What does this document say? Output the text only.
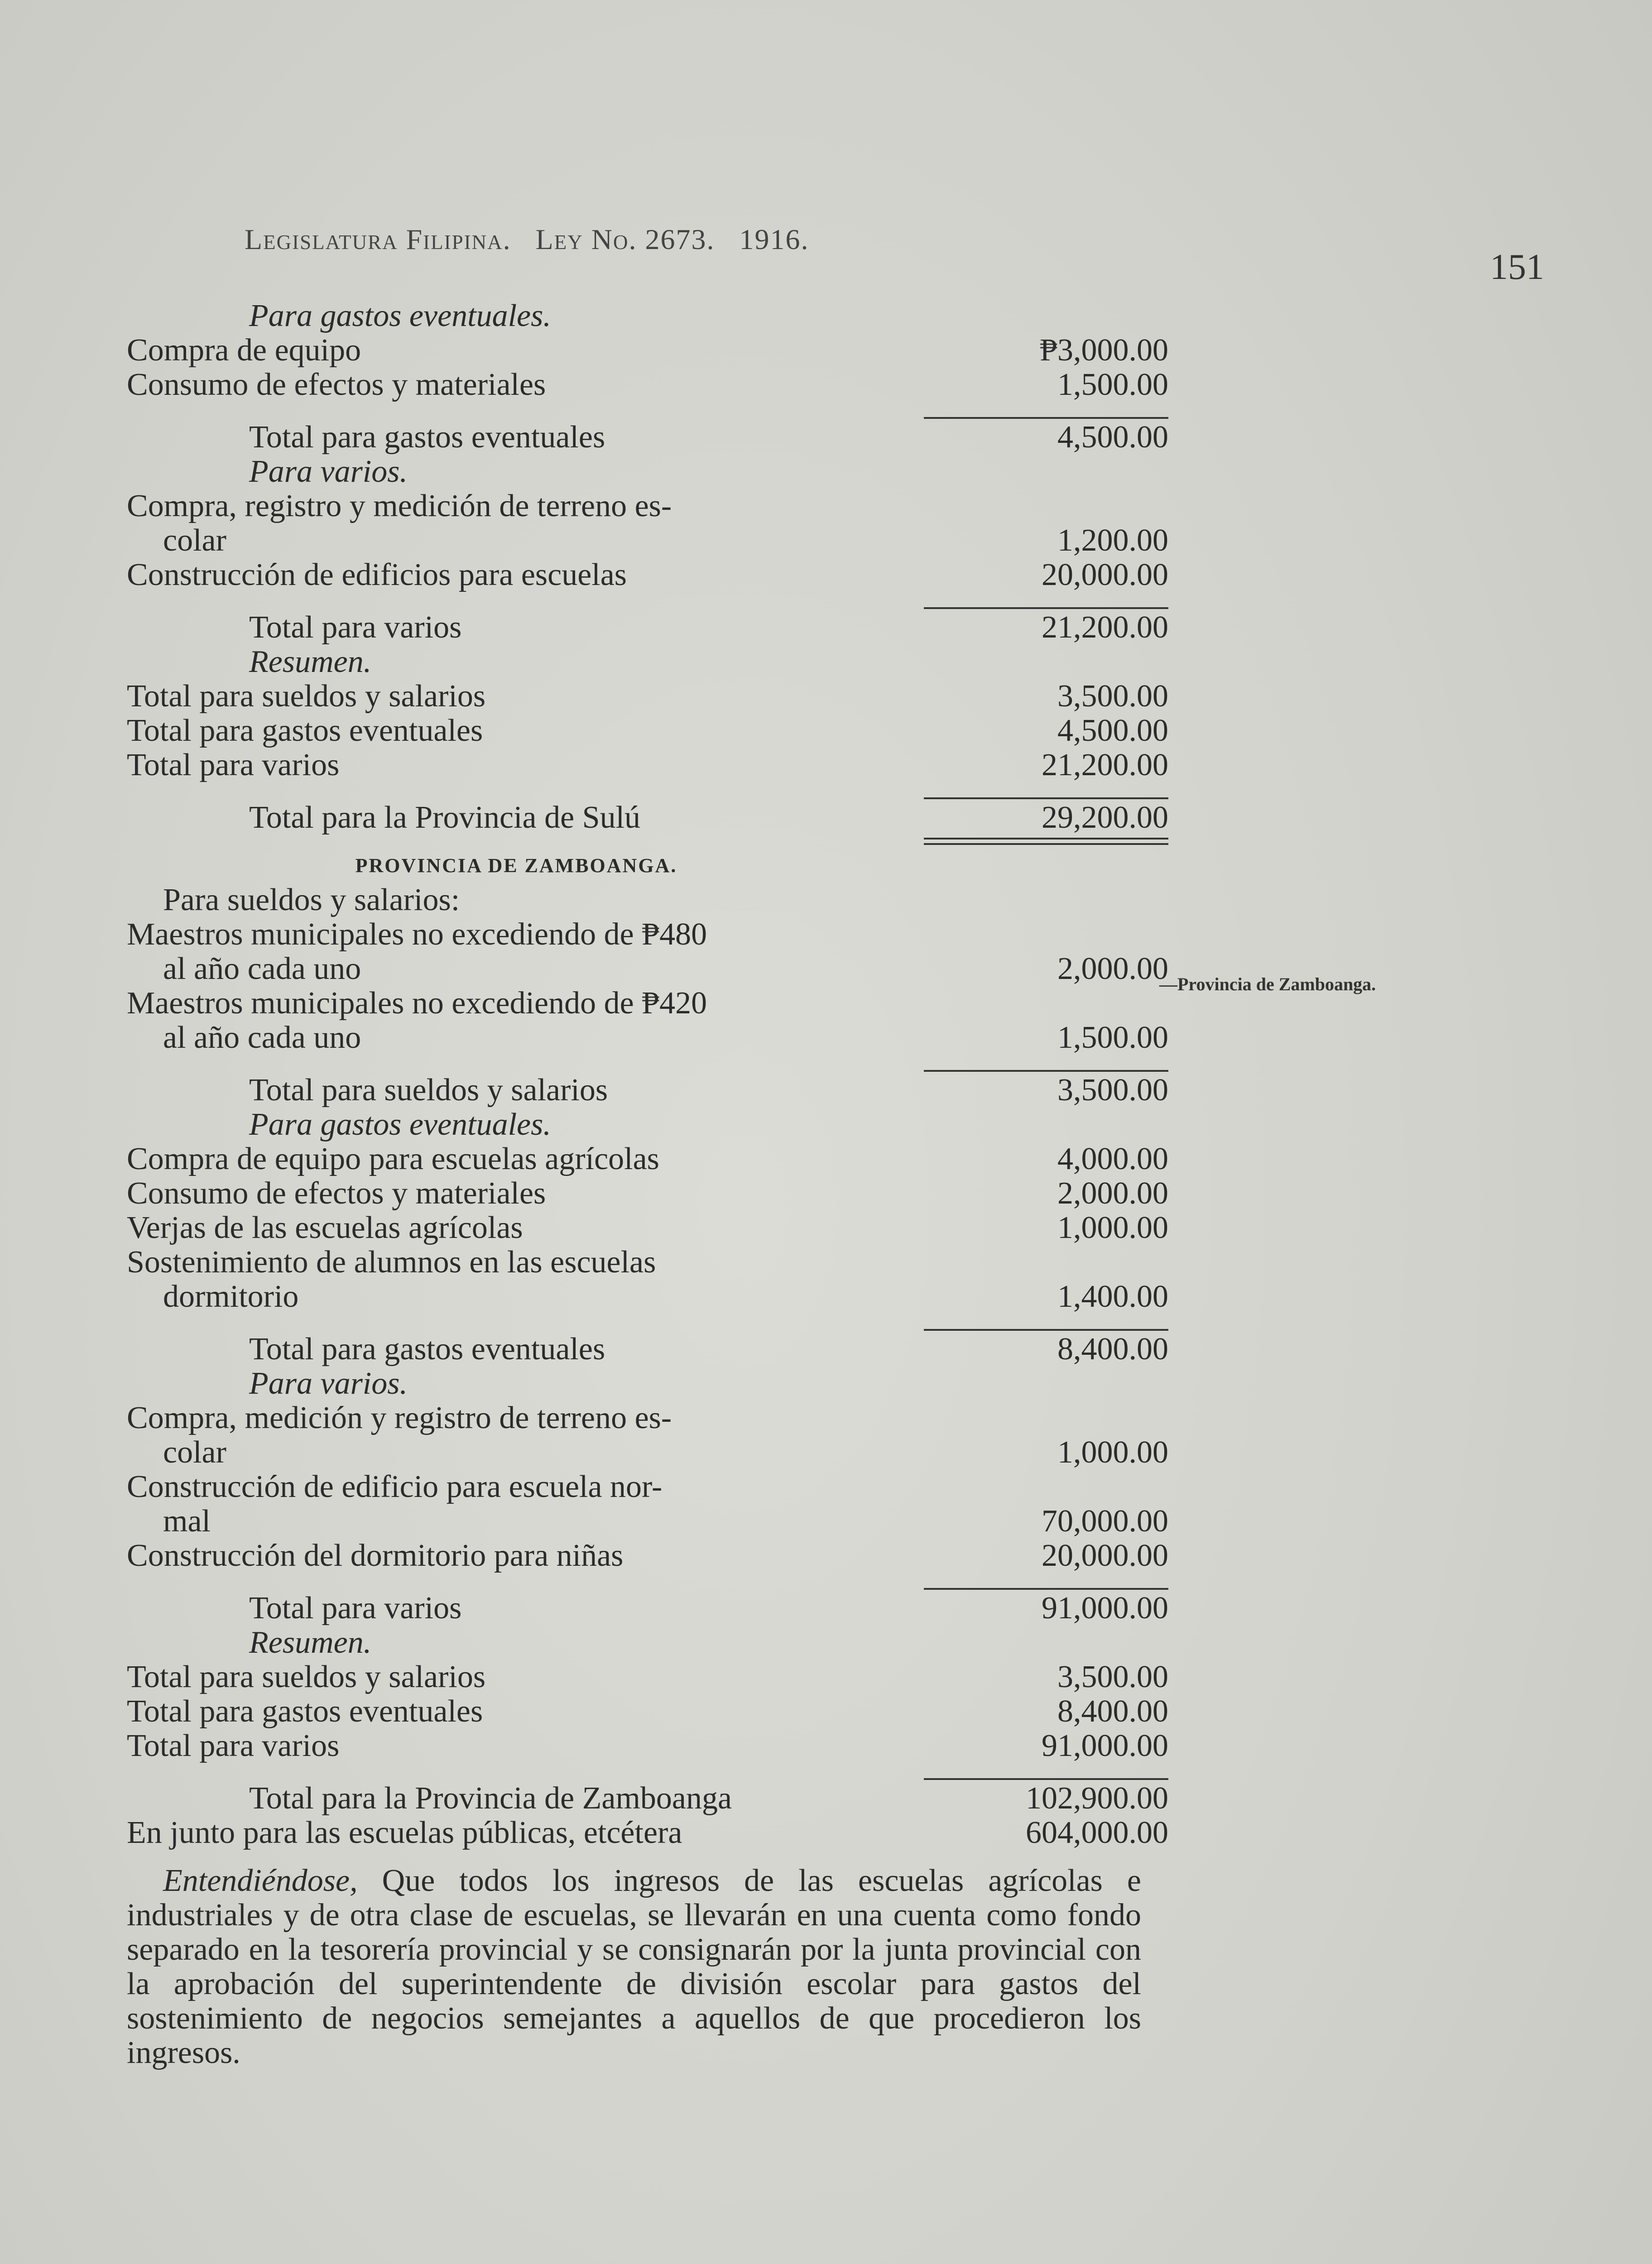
Legislatura Filipina. Ley No. 2673. 1916.
151
—Provincia de Zamboanga.
Para gastos eventuales.
Compra de equipo	₱3,000.00
Consumo de efectos y materiales	1,500.00
Total para gastos eventuales	4,500.00
Para varios.
Compra, registro y medición de terreno es-
colar	1,200.00
Construcción de edificios para escuelas	20,000.00
Total para varios	21,200.00
Resumen.
Total para sueldos y salarios	3,500.00
Total para gastos eventuales	4,500.00
Total para varios	21,200.00
Total para la Provincia de Sulú	29,200.00
PROVINCIA DE ZAMBOANGA.
Para sueldos y salarios:
Maestros municipales no excediendo de ₱480
al año cada uno	2,000.00
Maestros municipales no excediendo de ₱420
al año cada uno	1,500.00
Total para sueldos y salarios	3,500.00
Para gastos eventuales.
Compra de equipo para escuelas agrícolas	4,000.00
Consumo de efectos y materiales	2,000.00
Verjas de las escuelas agrícolas	1,000.00
Sostenimiento de alumnos en las escuelas
dormitorio	1,400.00
Total para gastos eventuales	8,400.00
Para varios.
Compra, medición y registro de terreno es-
colar	1,000.00
Construcción de edificio para escuela nor-
mal	70,000.00
Construcción del dormitorio para niñas	20,000.00
Total para varios	91,000.00
Resumen.
Total para sueldos y salarios	3,500.00
Total para gastos eventuales	8,400.00
Total para varios	91,000.00
Total para la Provincia de Zamboanga	102,900.00
En junto para las escuelas públicas, etcétera	604,000.00
Entendiéndose, Que todos los ingresos de las escuelas agrícolas e industriales y de otra clase de escuelas, se llevarán en una cuenta como fondo separado en la tesorería provincial y se consignarán por la junta provincial con la aprobación del superintendente de división escolar para gastos del sostenimiento de negocios semejantes a aquellos de que procedieron los ingresos.
